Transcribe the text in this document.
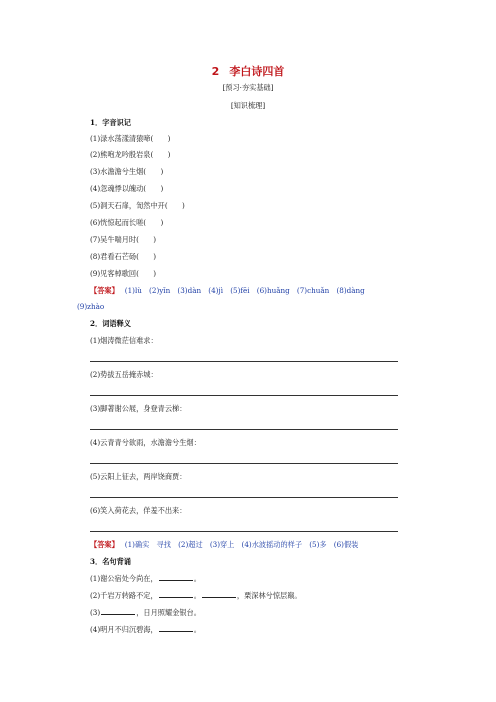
2 李白诗四首
[预习·夯实基础]
[知识梳理]
1．字音识记
(1)渌水荡漾清猿啼(　　)
(2)熊咆龙吟殷岩泉(　　)
(3)水澹澹兮生烟(　　)
(4)忽魂悸以魄动(　　)
(5)洞天石扉，訇然中开(　　)
(6)恍惊起而长嗟(　　)
(7)吴牛喘月时(　　)
(8)君看石芒砀(　　)
(9)见客棹歌回(　　)
【答案】 (1)lù　(2)yǐn　(3)dàn　(4)jì　(5)fēi　(6)huǎng　(7)chuǎn　(8)dàng
(9)zhào
2．词语释义
(1)烟涛微茫信难求：
(2)势拔五岳掩赤城：
(3)脚著谢公屐，身登青云梯：
(4)云青青兮欲雨，水澹澹兮生烟：
(5)云阳上征去，两岸饶商贾：
(6)笑入荷花去，佯羞不出来：
【答案】 (1)确实　寻找　(2)超过　(3)穿上　(4)水波摇动的样子　(5)多　(6)假装
3．名句背诵
(1)谢公宿处今尚在，	。
(2)千岩万转路不定，	。	，栗深林兮惊层巅。
(3)	，日月照耀金银台。
(4)明月不归沉碧海，	。
